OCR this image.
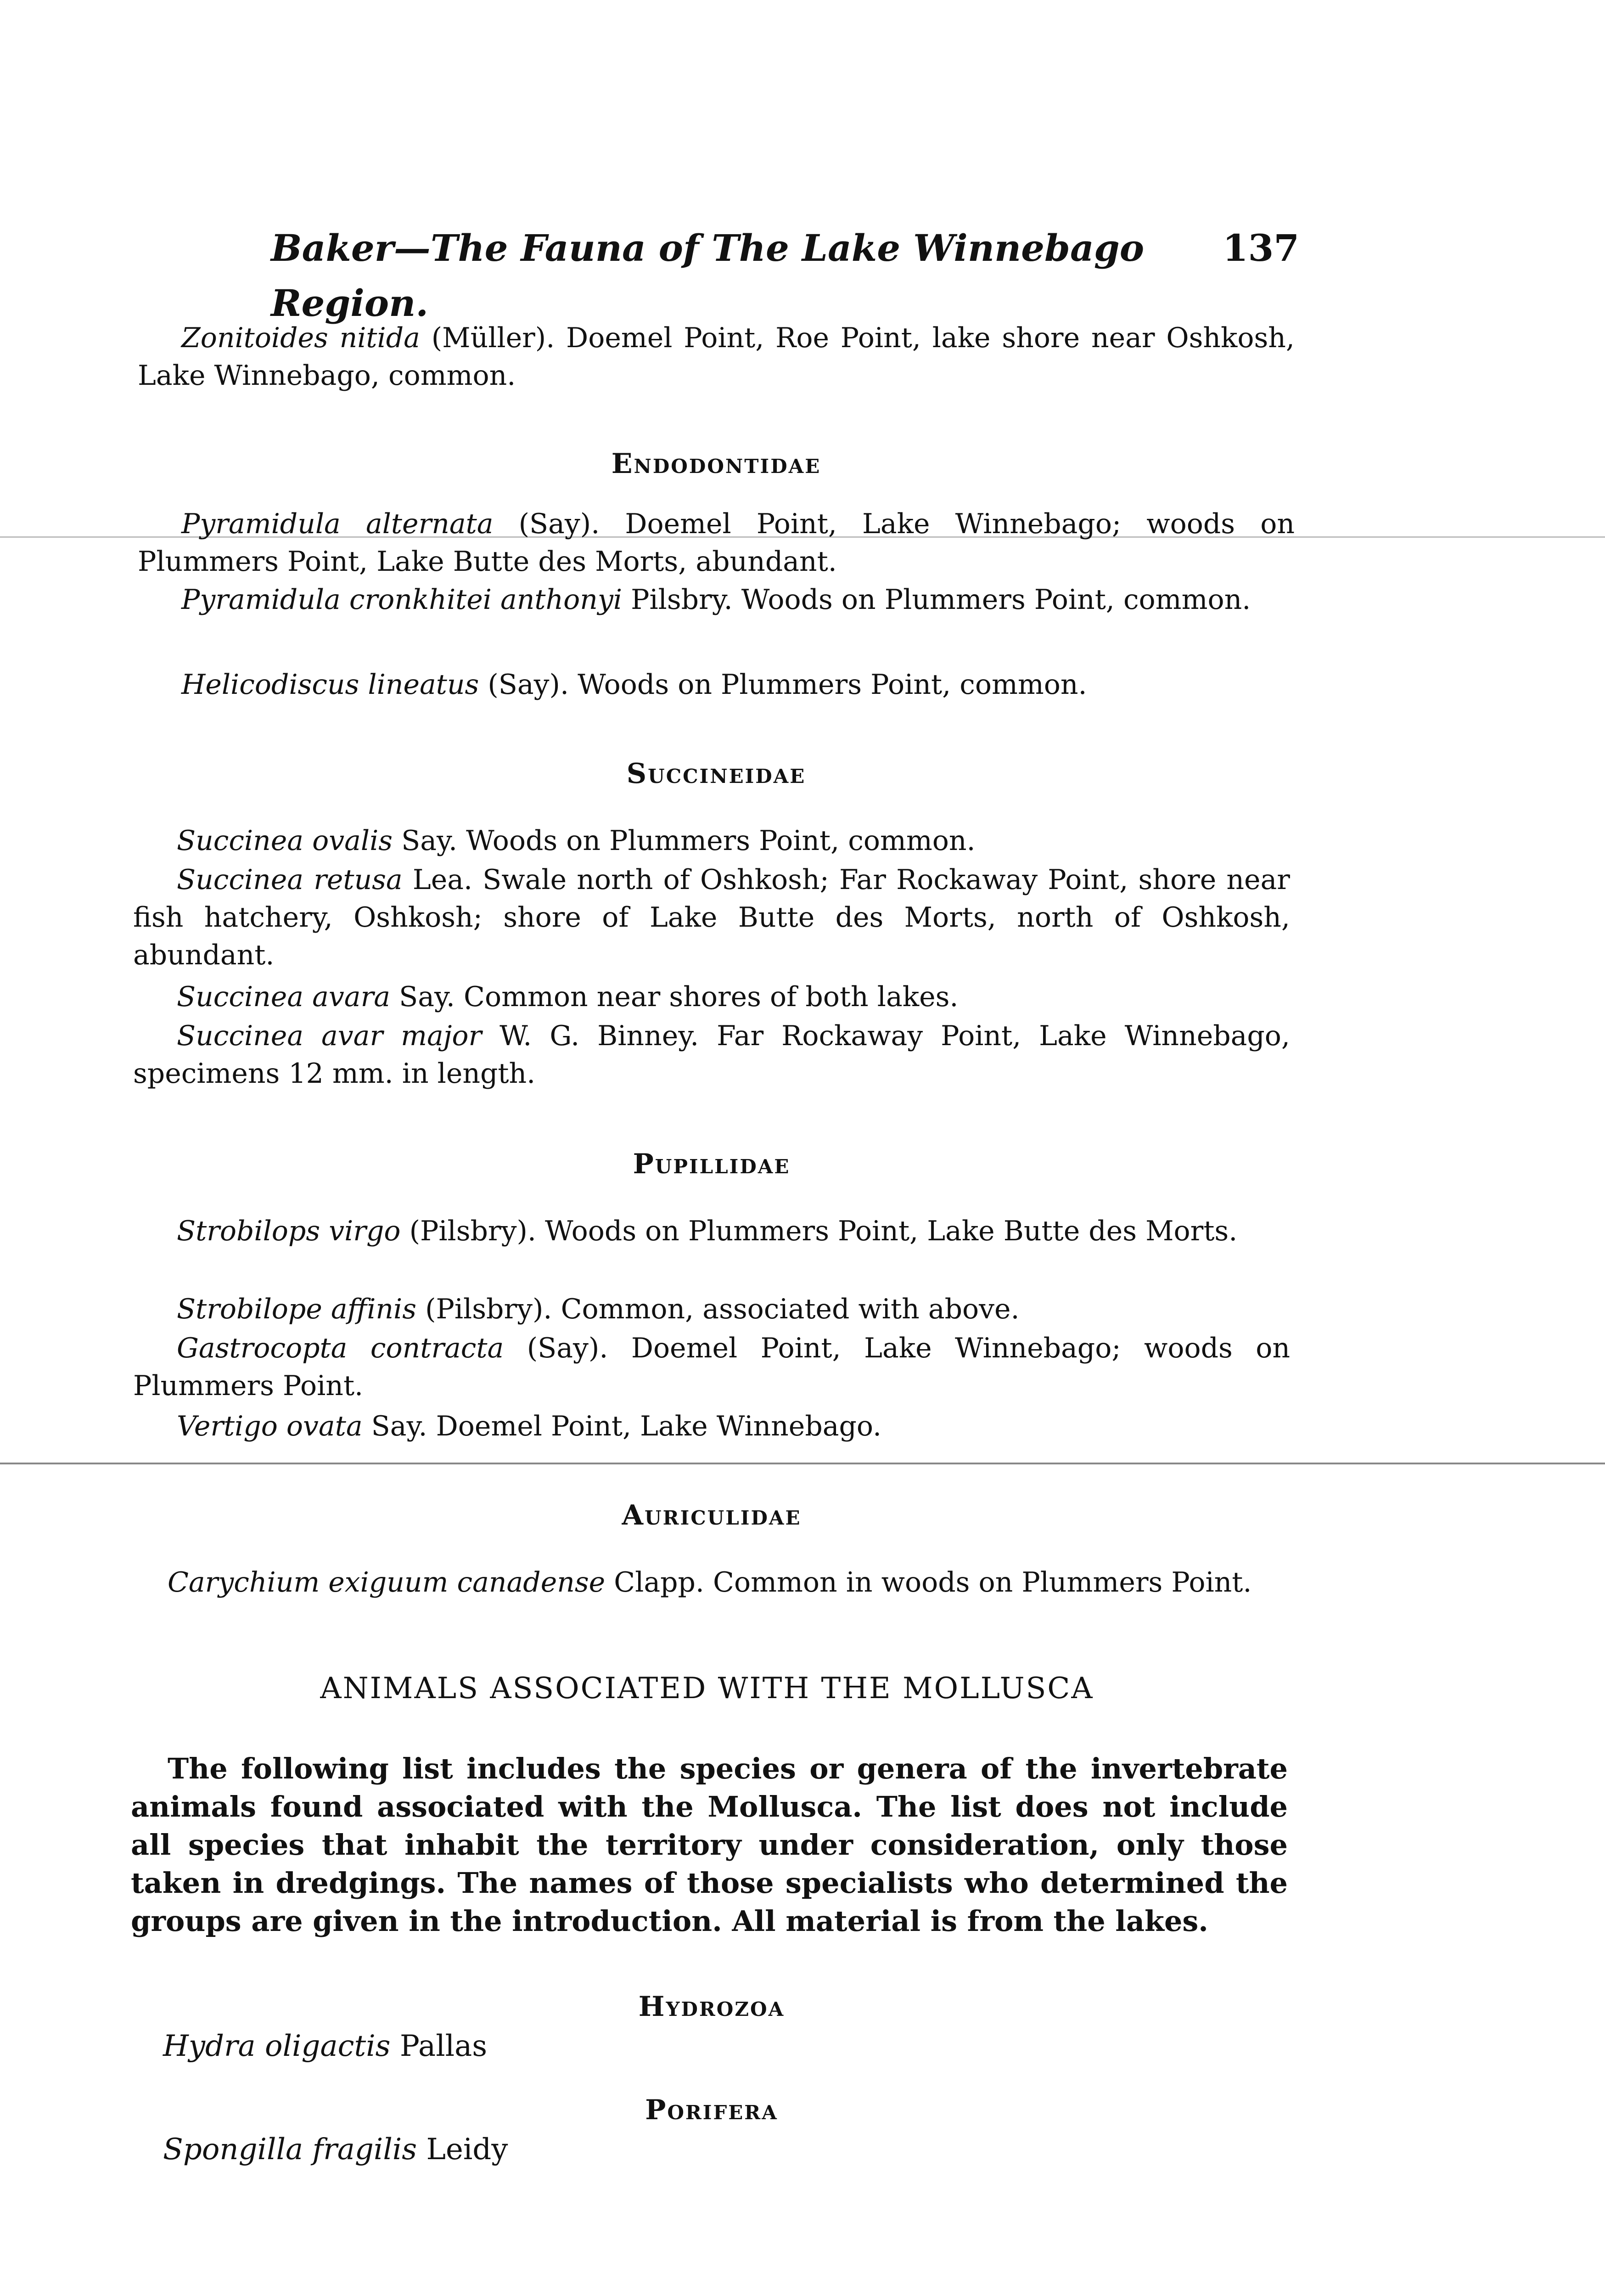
Baker—The Fauna of The Lake Winnebago Region.
137

Zonitoides nitida (Müller). Doemel Point, Roe Point, lake shore near Oshkosh, Lake Winnebago, common.

Endodontidae

Pyramidula alternata (Say). Doemel Point, Lake Winnebago; woods on Plummers Point, Lake Butte des Morts, abundant.

Pyramidula cronkhitei anthonyi Pilsbry. Woods on Plummers Point, common.

Helicodiscus lineatus (Say). Woods on Plummers Point, common.

Succineidae

Succinea ovalis Say. Woods on Plummers Point, common.

Succinea retusa Lea. Swale north of Oshkosh; Far Rockaway Point, shore near fish hatchery, Oshkosh; shore of Lake Butte des Morts, north of Oshkosh, abundant.

Succinea avara Say. Common near shores of both lakes.

Succinea avar major W. G. Binney. Far Rockaway Point, Lake Winnebago, specimens 12 mm. in length.

Pupillidae

Strobilops virgo (Pilsbry). Woods on Plummers Point, Lake Butte des Morts.

Strobilope affinis (Pilsbry). Common, associated with above.

Gastrocopta contracta (Say). Doemel Point, Lake Winnebago; woods on Plummers Point.

Vertigo ovata Say. Doemel Point, Lake Winnebago.

Auriculidae

Carychium exiguum canadense Clapp. Common in woods on Plummers Point.

ANIMALS ASSOCIATED WITH THE MOLLUSCA

The following list includes the species or genera of the invertebrate animals found associated with the Mollusca. The list does not include all species that inhabit the territory under consideration, only those taken in dredgings. The names of those specialists who determined the groups are given in the introduction. All material is from the lakes.

Hydrozoa

Hydra oligactis Pallas

Porifera

Spongilla fragilis Leidy
